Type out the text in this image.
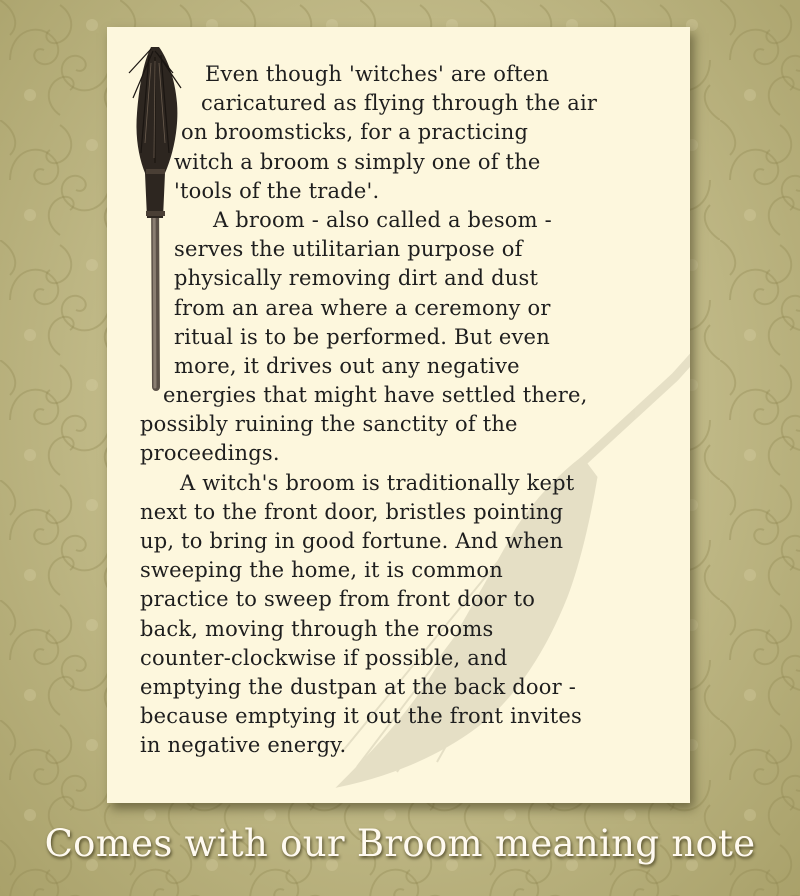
Even though 'witches' are often
caricatured as flying through the air
on broomsticks, for a practicing
witch a broom s simply one of the
'tools of the trade'.
A broom - also called a besom -
serves the utilitarian purpose of
physically removing dirt and dust
from an area where a ceremony or
ritual is to be performed. But even
more, it drives out any negative
energies that might have settled there,
possibly ruining the sanctity of the
proceedings.
A witch's broom is traditionally kept
next to the front door, bristles pointing
up, to bring in good fortune. And when
sweeping the home, it is common
practice to sweep from front door to
back, moving through the rooms
counter-clockwise if possible, and
emptying the dustpan at the back door -
because emptying it out the front invites
in negative energy.
Comes with our Broom meaning note
